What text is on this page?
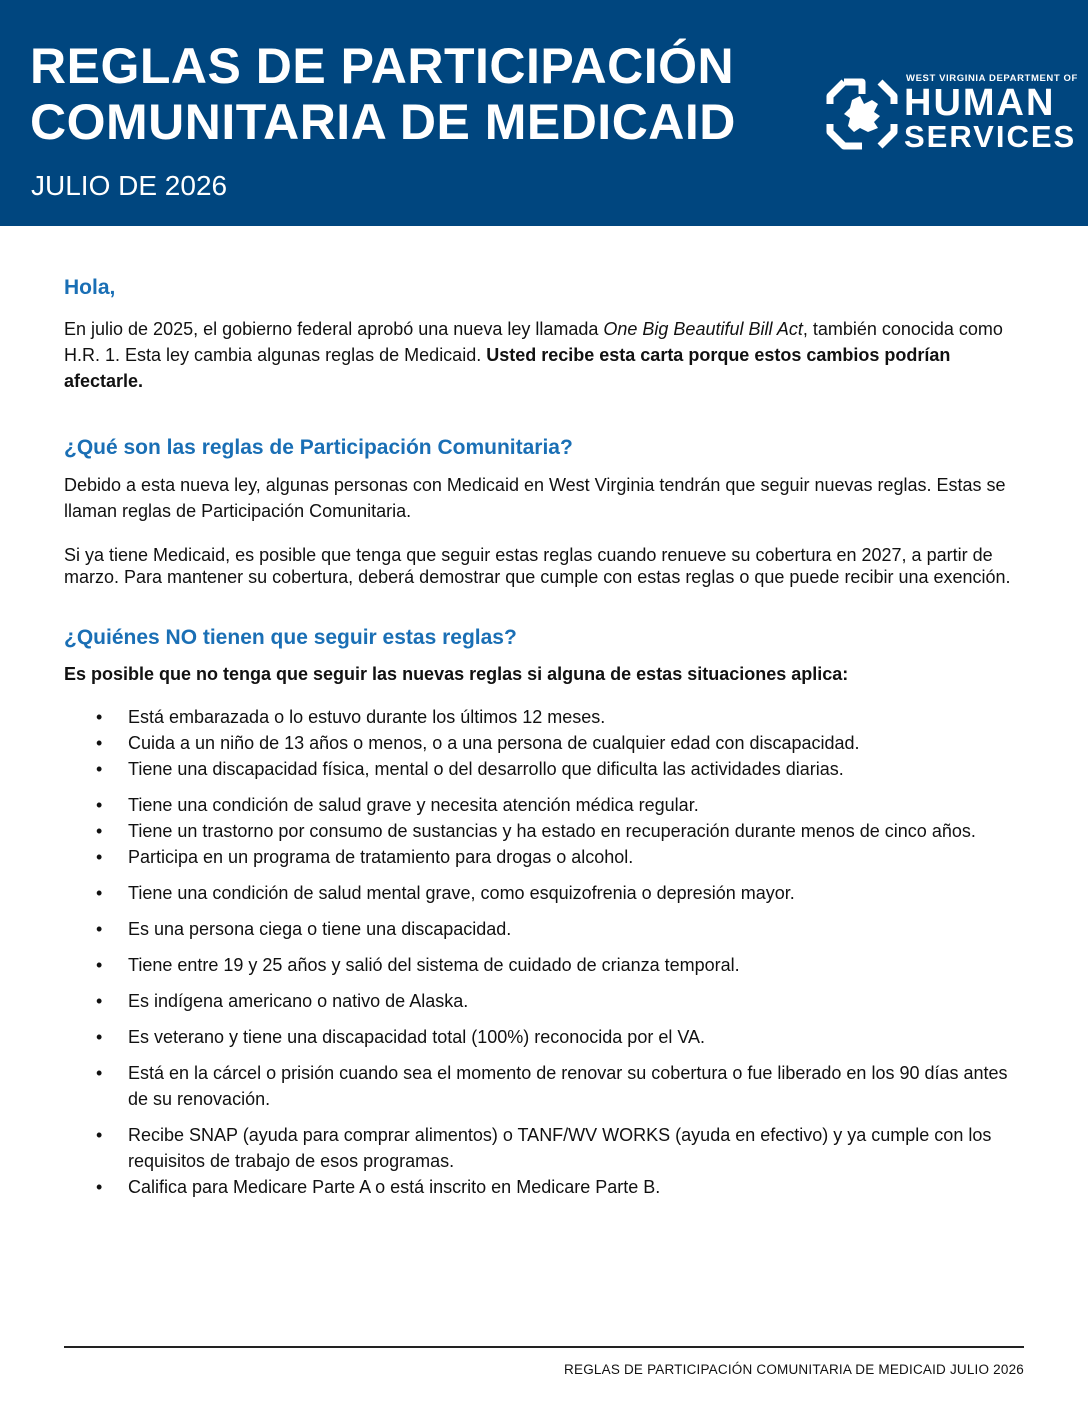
REGLAS DE PARTICIPACIÓN
COMUNITARIA DE MEDICAID
JULIO DE 2026
WEST VIRGINIA DEPARTMENT OF
HUMAN
SERVICES
Hola,

En julio de 2025, el gobierno federal aprobó una nueva ley llamada One Big Beautiful Bill Act, también conocida como H.R. 1. Esta ley cambia algunas reglas de Medicaid. Usted recibe esta carta porque estos cambios podrían afectarle.

¿Qué son las reglas de Participación Comunitaria?

Debido a esta nueva ley, algunas personas con Medicaid en West Virginia tendrán que seguir nuevas reglas. Estas se llaman reglas de Participación Comunitaria.

Si ya tiene Medicaid, es posible que tenga que seguir estas reglas cuando renueve su cobertura en 2027, a partir de marzo. Para mantener su cobertura, deberá demostrar que cumple con estas reglas o que puede recibir una exención.

¿Quiénes NO tienen que seguir estas reglas?
Es posible que no tenga que seguir las nuevas reglas si alguna de estas situaciones aplica:
• Está embarazada o lo estuvo durante los últimos 12 meses.
• Cuida a un niño de 13 años o menos, o a una persona de cualquier edad con discapacidad.
• Tiene una discapacidad física, mental o del desarrollo que dificulta las actividades diarias.
• Tiene una condición de salud grave y necesita atención médica regular.
• Tiene un trastorno por consumo de sustancias y ha estado en recuperación durante menos de cinco años.
• Participa en un programa de tratamiento para drogas o alcohol.
• Tiene una condición de salud mental grave, como esquizofrenia o depresión mayor.
• Es una persona ciega o tiene una discapacidad.
• Tiene entre 19 y 25 años y salió del sistema de cuidado de crianza temporal.
• Es indígena americano o nativo de Alaska.
• Es veterano y tiene una discapacidad total (100%) reconocida por el VA.
• Está en la cárcel o prisión cuando sea el momento de renovar su cobertura o fue liberado en los 90 días antes de su renovación.
• Recibe SNAP (ayuda para comprar alimentos) o TANF/WV WORKS (ayuda en efectivo) y ya cumple con los requisitos de trabajo de esos programas.
• Califica para Medicare Parte A o está inscrito en Medicare Parte B.
REGLAS DE PARTICIPACIÓN COMUNITARIA DE MEDICAID JULIO 2026
